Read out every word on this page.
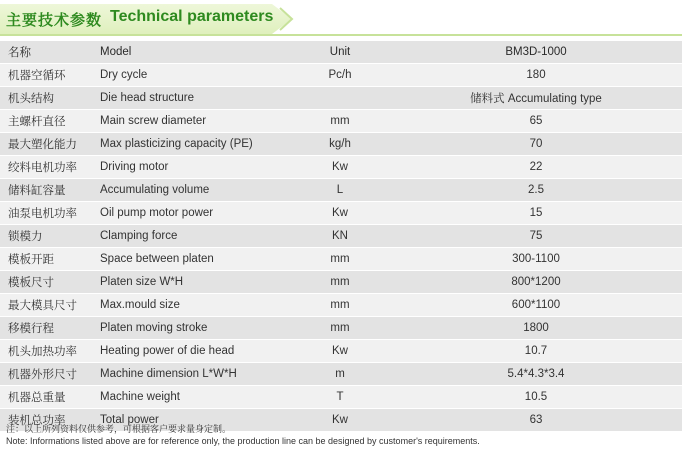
主要技术参数 Technical parameters
名称	Model	Unit	BM3D-1000
机器空循环	Dry cycle	Pc/h	180
机头结构	Die head structure		储料式 Accumulating type
主螺杆直径	Main screw diameter	mm	65
最大塑化能力	Max plasticizing capacity (PE)	kg/h	70
绞料电机功率	Driving motor	Kw	22
储料缸容量	Accumulating volume	L	2.5
油泵电机功率	Oil pump motor power	Kw	15
锁模力	Clamping force	KN	75
模板开距	Space between platen	mm	300-1100
模板尺寸	Platen size W*H	mm	800*1200
最大模具尺寸	Max.mould size	mm	600*1100
移模行程	Platen moving stroke	mm	1800
机头加热功率	Heating power of die head	Kw	10.7
机器外形尺寸	Machine dimension L*W*H	m	5.4*4.3*3.4
机器总重量	Machine weight	T	10.5
装机总功率	Total power	Kw	63
注：以上所列资料仅供参考，可根据客户要求量身定制。
Note: Informations listed above are for reference only, the production line can be designed by customer's requirements.
